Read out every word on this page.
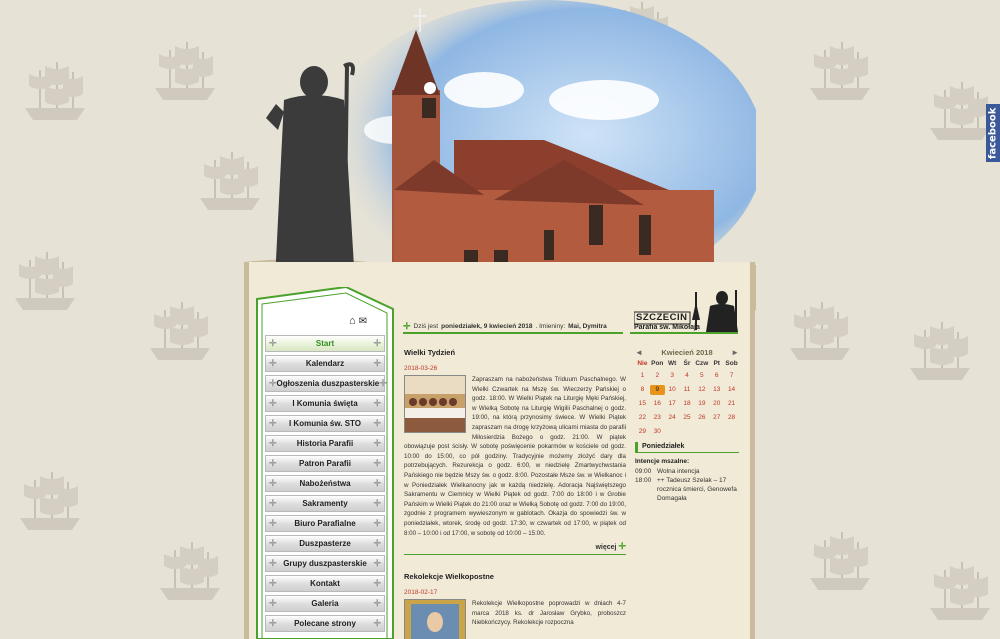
facebook
SZCZECIN
Parafia św. Mikołaja
⌂ ✉
✛	Start	✛
✛	Kalendarz	✛
✛ Ogłoszenia duszpasterskie ✛
✛	I Komunia święta	✛
✛	I Komunia św. STO	✛
✛	Historia Parafii	✛
✛	Patron Parafii	✛
✛	Nabożeństwa	✛
✛	Sakramenty	✛
✛	Biuro Parafialne	✛
✛	Duszpasterze	✛
✛ Grupy duszpasterskie ✛
✛	Kontakt	✛
✛	Galeria	✛
✛	Polecane strony	✛
✛ Dziś jest poniedziałek, 9 kwiecień 2018 . Imieniny: Mai, Dymitra
Wielki Tydzień
2018-03-26
Zapraszam na nabożeństwa Triduum Paschalnego. W Wielki Czwartek na Mszę św. Wieczerzy Pańskiej o godz. 18:00. W Wielki Piątek na Liturgię Męki Pańskiej, w Wielką Sobotę na Liturgię Wigilii Paschalnej o godz. 19:00, na którą przynosimy świece. W Wielki Piątek zapraszam na drogę krzyżową ulicami miasta do parafii Miłosierdzia Bożego o godz. 21:00. W piątek obowiązuje post ścisły. W sobotę poświęcenie pokarmów w kościele od godz. 10:00 do 15:00, co pół godziny. Tradycyjnie możemy złożyć dary dla potrzebujących. Rezurekcja o godz. 6:00, w niedzielę Zmartwychwstania Pańskiego nie będzie Mszy św. o godz. 8:00. Pozostałe Msze św. w Wielkanoc i w Poniedziałek Wielkanocny jak w każdą niedzielę. Adoracja Najświętszego Sakramentu w Ciemnicy w Wielki Piątek od godz. 7:00 do 18:00 i w Grobie Pańskim w Wielki Piątek do 21:00 oraz w Wielką Sobotę od godz. 7:00 do 19:00, zgodnie z programem wywieszonym w gablotach. Okazja do spowiedzi św. w poniedziałek, wtorek, środę od godz. 17:30, w czwartek od 17:00, w piątek od 8:00 – 10:00 i od 17:00, w sobotę od 10:00 – 15:00.
więcej ✛
Rekolekcje Wielkopostne
2018-02-17
Rekolekcje Wielkopostne poprowadzi w dniach 4-7 marca 2018 ks. dr Jarosław Grybko, proboszcz Niebkończycy. Rekolekcje rozpoczna
◄ Kwiecień 2018 ►
Nie Pon Wt	Śr Czw Pt Sob
1	2	3	4	5	6	7
8	9	10	11	12	13	14
15	16	17	18	19	20	21
22	23	24	25	26	27	28
29	30
Poniedziałek
Intencje mszalne:
09:00 Wolna intencja
18:00 ++ Tadeusz Szelak – 17 rocznica śmierci, Genowefa Domagała
